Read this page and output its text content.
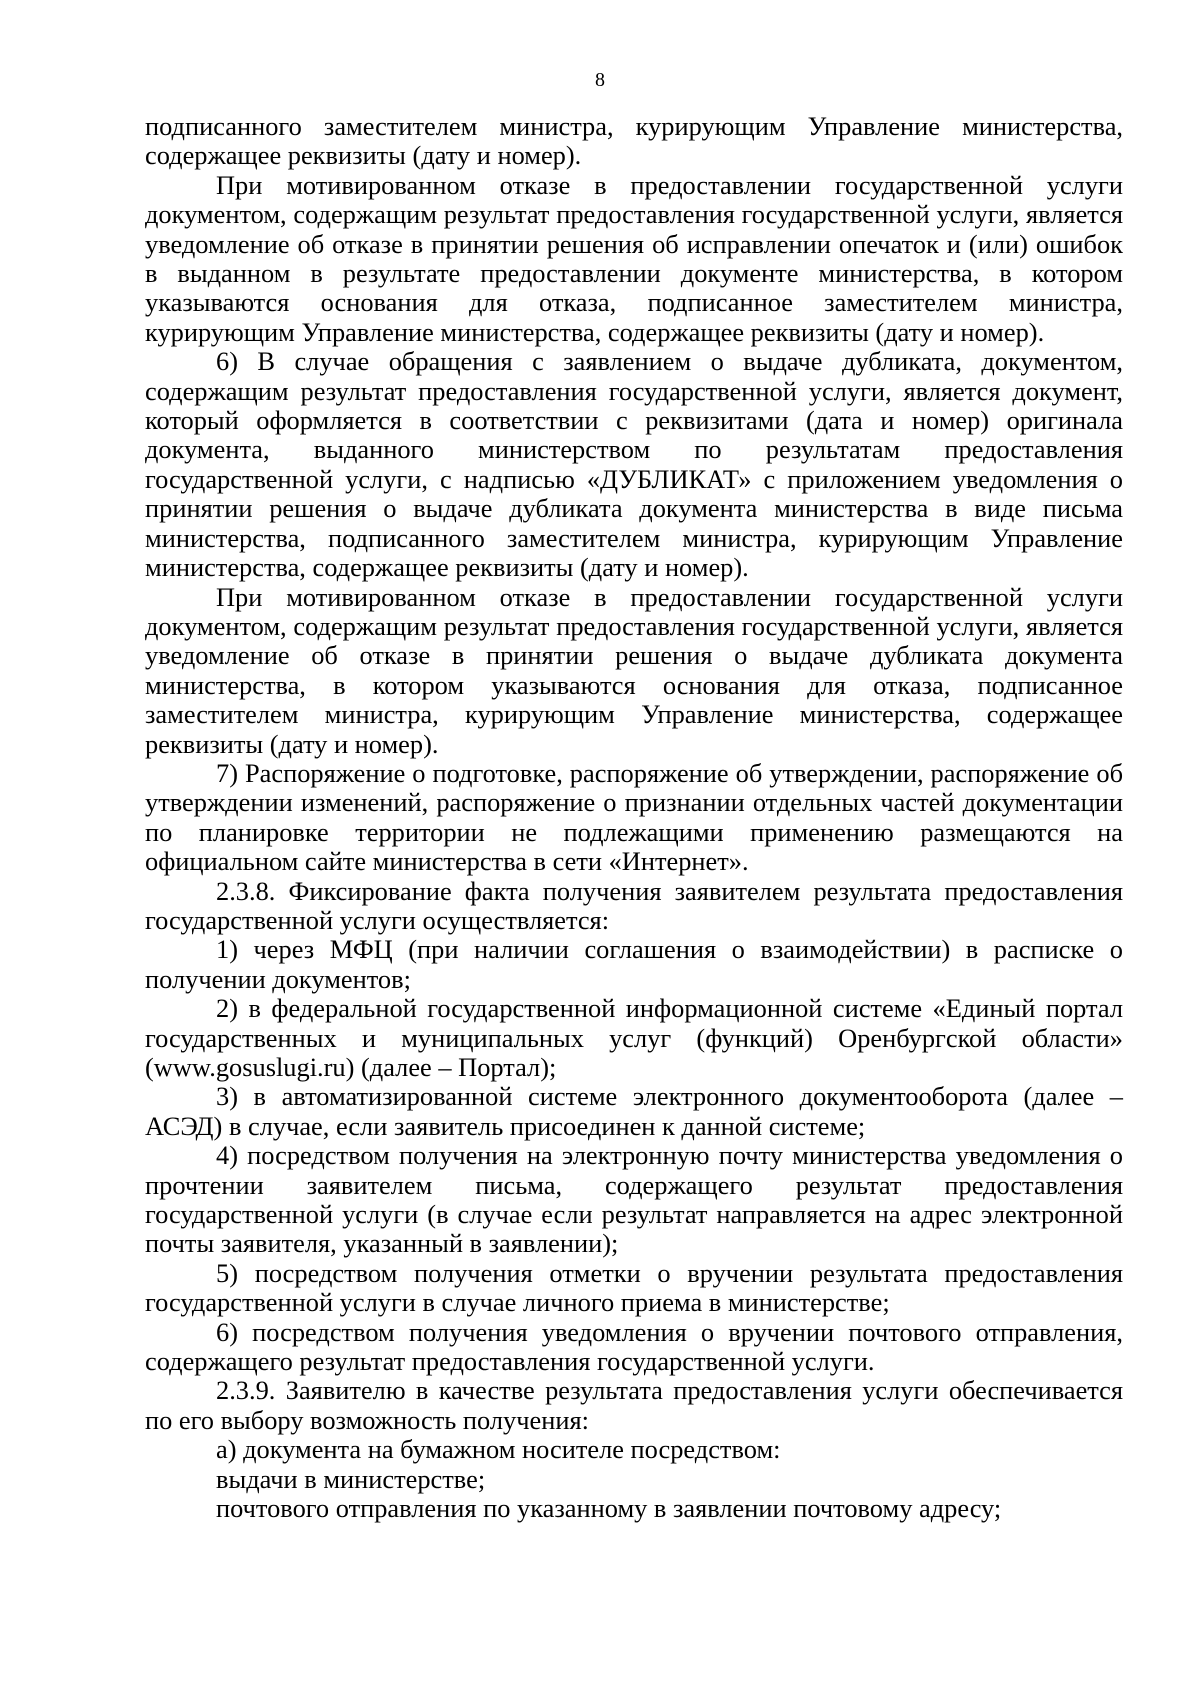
8

подписанного заместителем министра, курирующим Управление министерства, содержащее реквизиты (дату и номер).

При мотивированном отказе в предоставлении государственной услуги документом, содержащим результат предоставления государственной услуги, является уведомление об отказе в принятии решения об исправлении опечаток и (или) ошибок в выданном в результате предоставлении документе министерства, в котором указываются основания для отказа, подписанное заместителем министра, курирующим Управление министерства, содержащее реквизиты (дату и номер).

6) В случае обращения с заявлением о выдаче дубликата, документом, содержащим результат предоставления государственной услуги, является документ, который оформляется в соответствии с реквизитами (дата и номер) оригинала документа, выданного министерством по результатам предоставления государственной услуги, с надписью «ДУБЛИКАТ» с приложением уведомления о принятии решения о выдаче дубликата документа министерства в виде письма министерства, подписанного заместителем министра, курирующим Управление министерства, содержащее реквизиты (дату и номер).

При мотивированном отказе в предоставлении государственной услуги документом, содержащим результат предоставления государственной услуги, является уведомление об отказе в принятии решения о выдаче дубликата документа министерства, в котором указываются основания для отказа, подписанное заместителем министра, курирующим Управление министерства, содержащее реквизиты (дату и номер).

7) Распоряжение о подготовке, распоряжение об утверждении, распоряжение об утверждении изменений, распоряжение о признании отдельных частей документации по планировке территории не подлежащими применению размещаются на официальном сайте министерства в сети «Интернет».

2.3.8. Фиксирование факта получения заявителем результата предоставления государственной услуги осуществляется:

1) через МФЦ (при наличии соглашения о взаимодействии) в расписке о получении документов;

2) в федеральной государственной информационной системе «Единый портал государственных и муниципальных услуг (функций) Оренбургской области» (www.gosuslugi.ru) (далее – Портал);

3) в автоматизированной системе электронного документооборота (далее – АСЭД) в случае, если заявитель присоединен к данной системе;

4) посредством получения на электронную почту министерства уведомления о прочтении заявителем письма, содержащего результат предоставления государственной услуги (в случае если результат направляется на адрес электронной почты заявителя, указанный в заявлении);

5) посредством получения отметки о вручении результата предоставления государственной услуги в случае личного приема в министерстве;

6) посредством получения уведомления о вручении почтового отправления, содержащего результат предоставления государственной услуги.

2.3.9. Заявителю в качестве результата предоставления услуги обеспечивается по его выбору возможность получения:

а) документа на бумажном носителе посредством:

выдачи в министерстве;

почтового отправления по указанному в заявлении почтовому адресу;
